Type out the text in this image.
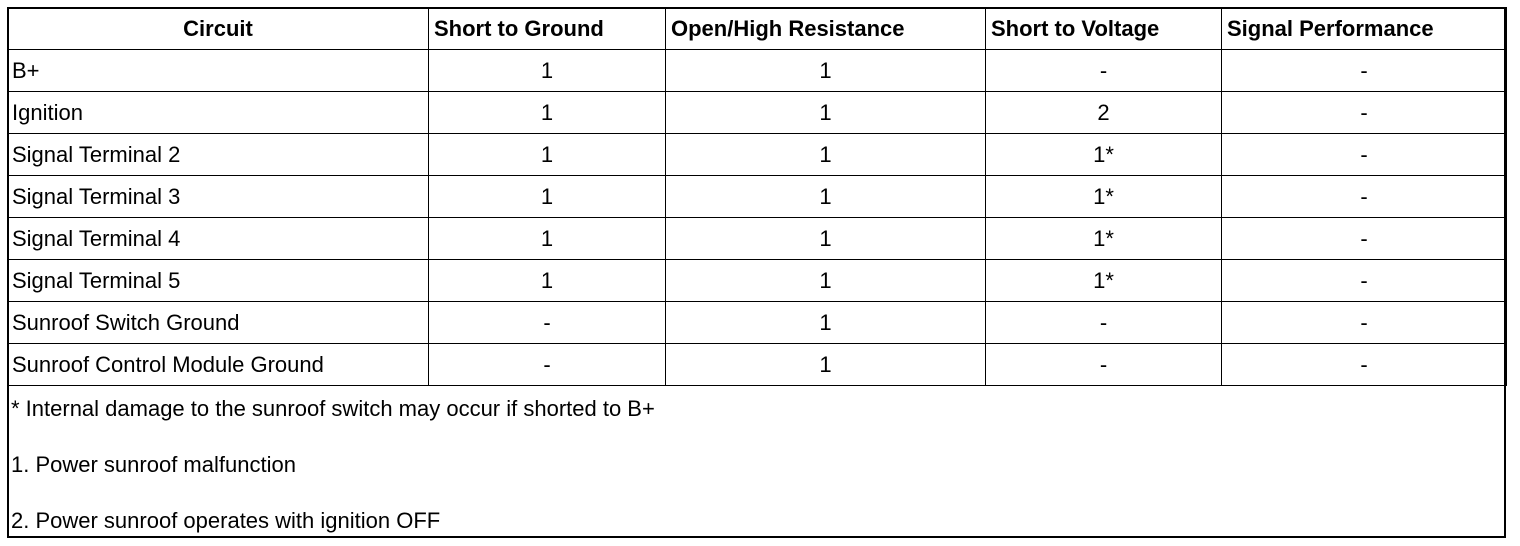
Circuit	Short to Ground	Open/High Resistance	Short to Voltage	Signal Performance
B+	1	1	-	-
Ignition	1	1	2	-
Signal Terminal 2	1	1	1*	-
Signal Terminal 3	1	1	1*	-
Signal Terminal 4	1	1	1*	-
Signal Terminal 5	1	1	1*	-
Sunroof Switch Ground	-	1	-	-
Sunroof Control Module Ground	-	1	-	-
* Internal damage to the sunroof switch may occur if shorted to B+
1. Power sunroof malfunction
2. Power sunroof operates with ignition OFF
